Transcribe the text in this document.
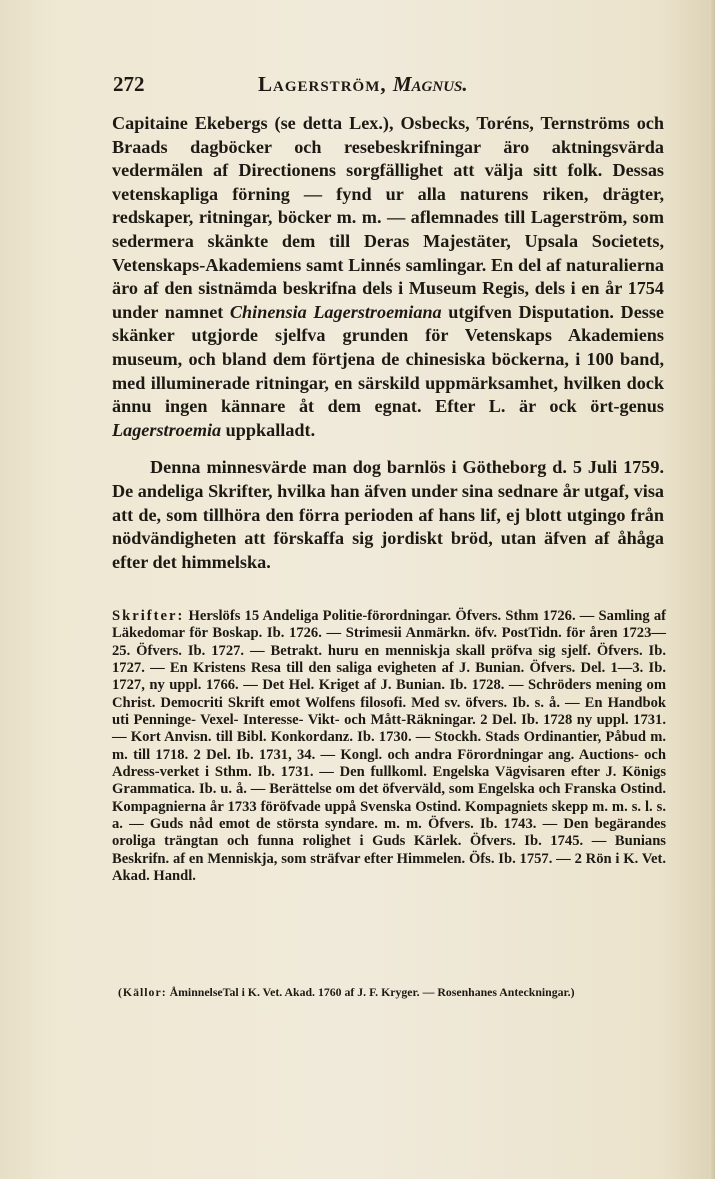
272	Lagerström, Magnus.

Capitaine Ekebergs (se detta Lex.), Osbecks, Toréns, Ternströms och Braads dagböcker och resebeskrifningar äro aktningsvärda vedermälen af Directionens sorgfällighet att välja sitt folk. Dessas vetenskapliga förning — fynd ur alla naturens riken, drägter, redskaper, ritningar, böcker m. m. — aflemnades till Lagerström, som sedermera skänkte dem till Deras Majestäter, Upsala Societets, Vetenskaps-Akademiens samt Linnés samlingar. En del af naturalierna äro af den sistnämda beskrifna dels i Museum Regis, dels i en år 1754 under namnet Chinensia Lagerstroemiana utgifven Disputation. Desse skänker utgjorde sjelfva grunden för Vetenskaps Akademiens museum, och bland dem förtjena de chinesiska böckerna, i 100 band, med illuminerade ritningar, en särskild uppmärksamhet, hvilken dock ännu ingen kännare åt dem egnat. Efter L. är ock ört-genus Lagerstroemia uppkalladt.

Denna minnesvärde man dog barnlös i Götheborg d. 5 Juli 1759. De andeliga Skrifter, hvilka han äfven under sina sednare år utgaf, visa att de, som tillhöra den förra perioden af hans lif, ej blott utgingo från nödvändigheten att förskaffa sig jordiskt bröd, utan äfven af åhåga efter det himmelska.

Skrifter: Herslöfs 15 Andeliga Politie-förordningar. Öfvers. Sthm 1726. — Samling af Läkedomar för Boskap. Ib. 1726. — Strimesii Anmärkn. öfv. PostTidn. för åren 1723—25. Öfvers. Ib. 1727. — Betrakt. huru en menniskja skall pröfva sig sjelf. Öfvers. Ib. 1727. — En Kristens Resa till den saliga evigheten af J. Bunian. Öfvers. Del. 1—3. Ib. 1727, ny uppl. 1766. — Det Hel. Kriget af J. Bunian. Ib. 1728. — Schröders mening om Christ. Democriti Skrift emot Wolfens filosofi. Med sv. öfvers. Ib. s. å. — En Handbok uti Penninge- Vexel- Interesse- Vikt- och Mått-Räkningar. 2 Del. Ib. 1728 ny uppl. 1731. — Kort Anvisn. till Bibl. Konkordanz. Ib. 1730. — Stockh. Stads Ordinantier, Påbud m. m. till 1718. 2 Del. Ib. 1731, 34. — Kongl. och andra Förordningar ang. Auctions- och Adress-verket i Sthm. Ib. 1731. — Den fullkoml. Engelska Vägvisaren efter J. Königs Grammatica. Ib. u. å. — Berättelse om det öfverväld, som Engelska och Franska Ostind. Kompagnierna år 1733 föröfvade uppå Svenska Ostind. Kompagniets skepp m. m. s. l. s. a. — Guds nåd emot de största syndare. m. m. Öfvers. Ib. 1743. — Den begärandes oroliga trängtan och funna rolighet i Guds Kärlek. Öfvers. Ib. 1745. — Bunians Beskrifn. af en Menniskja, som sträfvar efter Himmelen. Öfs. Ib. 1757. — 2 Rön i K. Vet. Akad. Handl.
(Källor: ÅminnelseTal i K. Vet. Akad. 1760 af J. F. Kryger. — Rosenhanes Anteckningar.)
